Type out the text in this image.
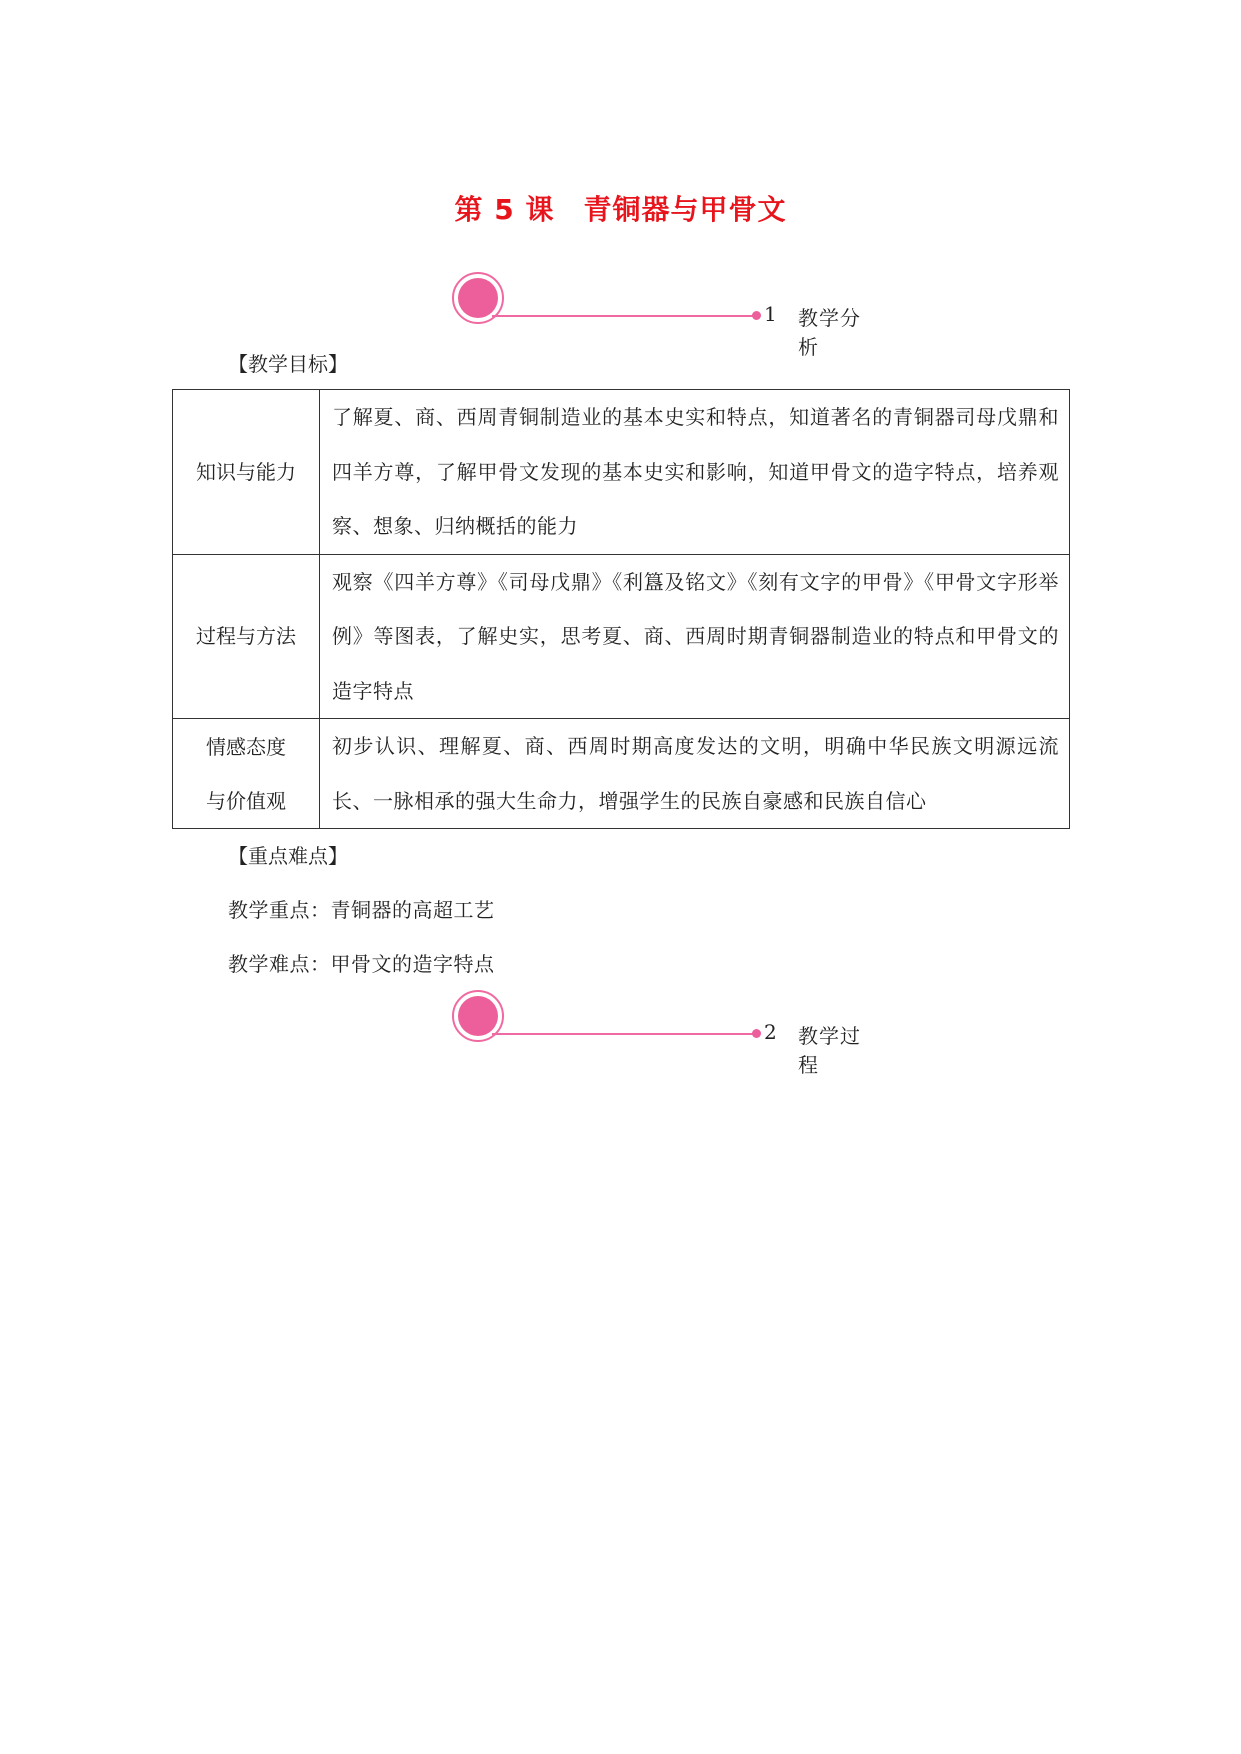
第 5 课　青铜器与甲骨文
1 教学分析
【教学目标】
知识与能力	了解夏、商、西周青铜制造业的基本史实和特点，知道著名的青铜器司母戊鼎和四羊方尊，了解甲骨文发现的基本史实和影响，知道甲骨文的造字特点，培养观察、想象、归纳概括的能力
过程与方法	观察《四羊方尊》《司母戊鼎》《利簋及铭文》《刻有文字的甲骨》《甲骨文字形举例》等图表，了解史实，思考夏、商、西周时期青铜器制造业的特点和甲骨文的造字特点

情感态度
与价值观	初步认识、理解夏、商、西周时期高度发达的文明，明确中华民族文明源远流长、一脉相承的强大生命力，增强学生的民族自豪感和民族自信心
【重点难点】
教学重点：青铜器的高超工艺
教学难点：甲骨文的造字特点
2 教学过程
